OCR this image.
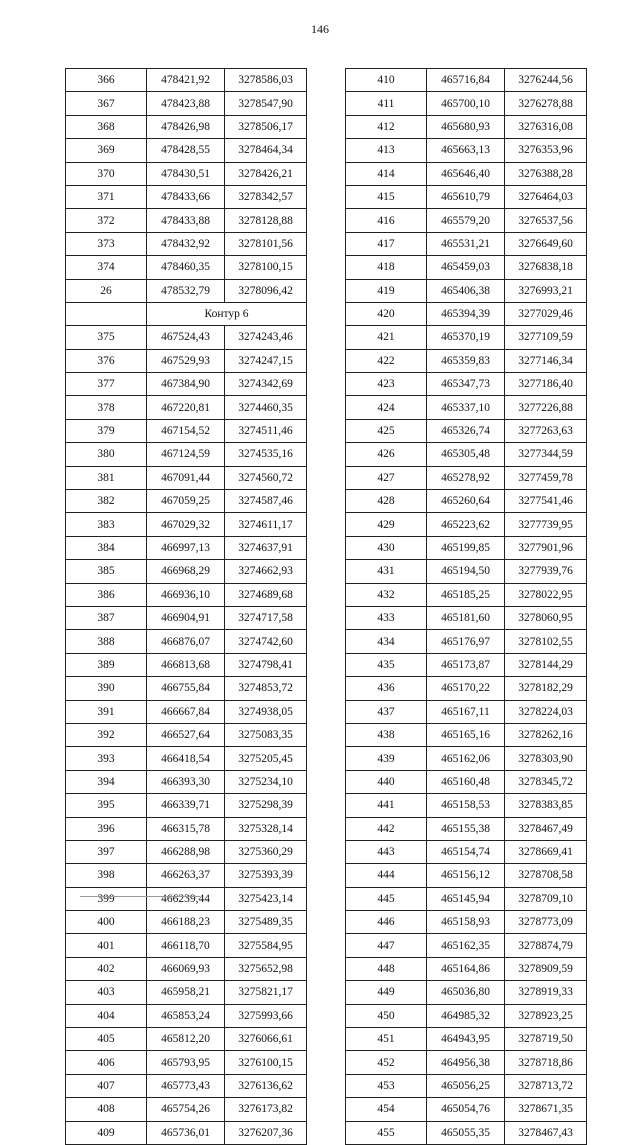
146
366	478421,92	3278586,03
367	478423,88	3278547,90
368	478426,98	3278506,17
369	478428,55	3278464,34
370	478430,51	3278426,21
371	478433,66	3278342,57
372	478433,88	3278128,88
373	478432,92	3278101,56
374	478460,35	3278100,15
26	478532,79	3278096,42
	Контур 6	
375	467524,43	3274243,46
376	467529,93	3274247,15
377	467384,90	3274342,69
378	467220,81	3274460,35
379	467154,52	3274511,46
380	467124,59	3274535,16
381	467091,44	3274560,72
382	467059,25	3274587,46
383	467029,32	3274611,17
384	466997,13	3274637,91
385	466968,29	3274662,93
386	466936,10	3274689,68
387	466904,91	3274717,58
388	466876,07	3274742,60
389	466813,68	3274798,41
390	466755,84	3274853,72
391	466667,84	3274938,05
392	466527,64	3275083,35
393	466418,54	3275205,45
394	466393,30	3275234,10
395	466339,71	3275298,39
396	466315,78	3275328,14
397	466288,98	3275360,29
398	466263,37	3275393,39
399	466239,44	3275423,14
400	466188,23	3275489,35
401	466118,70	3275584,95
402	466069,93	3275652,98
403	465958,21	3275821,17
404	465853,24	3275993,66
405	465812,20	3276066,61
406	465793,95	3276100,15
407	465773,43	3276136,62
408	465754,26	3276173,82
409	465736,01	3276207,36
410	465716,84	3276244,56
411	465700,10	3276278,88
412	465680,93	3276316,08
413	465663,13	3276353,96
414	465646,40	3276388,28
415	465610,79	3276464,03
416	465579,20	3276537,56
417	465531,21	3276649,60
418	465459,03	3276838,18
419	465406,38	3276993,21
420	465394,39	3277029,46
421	465370,19	3277109,59
422	465359,83	3277146,34
423	465347,73	3277186,40
424	465337,10	3277226,88
425	465326,74	3277263,63
426	465305,48	3277344,59
427	465278,92	3277459,78
428	465260,64	3277541,46
429	465223,62	3277739,95
430	465199,85	3277901,96
431	465194,50	3277939,76
432	465185,25	3278022,95
433	465181,60	3278060,95
434	465176,97	3278102,55
435	465173,87	3278144,29
436	465170,22	3278182,29
437	465167,11	3278224,03
438	465165,16	3278262,16
439	465162,06	3278303,90
440	465160,48	3278345,72
441	465158,53	3278383,85
442	465155,38	3278467,49
443	465154,74	3278669,41
444	465156,12	3278708,58
445	465145,94	3278709,10
446	465158,93	3278773,09
447	465162,35	3278874,79
448	465164,86	3278909,59
449	465036,80	3278919,33
450	464985,32	3278923,25
451	464943,95	3278719,50
452	464956,38	3278718,86
453	465056,25	3278713,72
454	465054,76	3278671,35
455	465055,35	3278467,43
